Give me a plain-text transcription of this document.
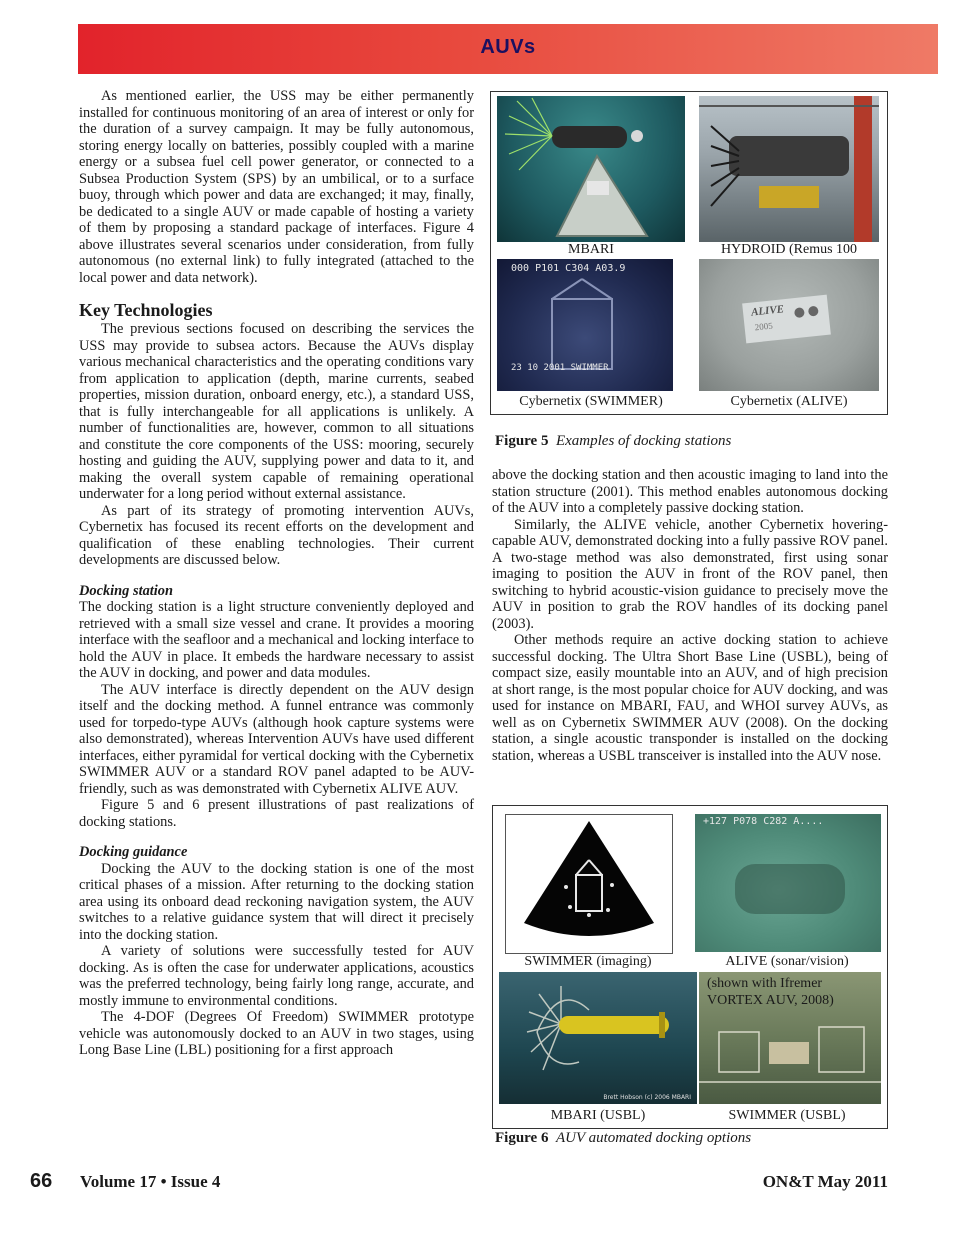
AUVs

As mentioned earlier, the USS may be either permanently installed for continuous monitoring of an area of interest or only for the duration of a survey campaign. It may be fully autonomous, storing energy locally on batteries, possibly coupled with a marine energy or a subsea fuel cell power generator, or connected to a Subsea Production System (SPS) by an umbilical, or to a surface buoy, through which power and data are exchanged; it may, finally, be dedicated to a single AUV or made capable of hosting a variety of them by proposing a standard package of interfaces. Figure 4 above illustrates several scenarios under consideration, from fully autonomous (no external link) to fully integrated (attached to the local power and data network).

Key Technologies

The previous sections focused on describing the services the USS may provide to subsea actors. Because the AUVs display various mechanical characteristics and the operating conditions vary from application to application (depth, marine currents, seabed properties, mission duration, onboard energy, etc.), a standard USS, that is fully interchangeable for all applications is unlikely. A number of functionalities are, however, common to all situations and constitute the core components of the USS: mooring, securely hosting and guiding the AUV, supplying power and data to it, and making the overall system capable of remaining operational underwater for a long period without external assistance.

As part of its strategy of promoting intervention AUVs, Cybernetix has focused its recent efforts on the development and qualification of these enabling technologies. Their current developments are discussed below.

Docking station

The docking station is a light structure conveniently deployed and retrieved with a small size vessel and crane. It provides a mooring interface with the seafloor and a mechanical and locking interface to hold the AUV in place. It embeds the hardware necessary to assist the AUV in docking, and power and data modules.

The AUV interface is directly dependent on the AUV design itself and the docking method. A funnel entrance was commonly used for torpedo-type AUVs (although hook capture systems were also demonstrated), whereas Intervention AUVs have used different interfaces, either pyramidal for vertical docking with the Cybernetix SWIMMER AUV or a standard ROV panel adapted to be AUV-friendly, such as was demonstrated with Cybernetix ALIVE AUV.

Figure 5 and 6 present illustrations of past realizations of docking stations.

Docking guidance

Docking the AUV to the docking station is one of the most critical phases of a mission. After returning to the docking station area using its onboard dead reckoning navigation system, the AUV switches to a relative guidance system that will direct it precisely into the docking station.

A variety of solutions were successfully tested for AUV docking. As is often the case for underwater applications, acoustics was the preferred technology, being fairly long range, accurate, and mostly immune to environmental conditions.

The 4-DOF (Degrees Of Freedom) SWIMMER prototype vehicle was autonomously docked to an AUV in two stages, using Long Base Line (LBL) positioning for a first approach

MBARI	HYDROID (Remus 100
000 P101 C304 A03.9
23 10 2001 SWIMMER
ALIVE
2005
Cybernetix (SWIMMER)	Cybernetix (ALIVE)
Figure 5 Examples of docking stations

above the docking station and then acoustic imaging to land into the station structure (2001). This method enables autonomous docking of the AUV into a completely passive docking station.

Similarly, the ALIVE vehicle, another Cybernetix hovering-capable AUV, demonstrated docking into a fully passive ROV panel. A two-stage method was also demonstrated, first using sonar imaging to position the AUV in front of the ROV panel, then switching to hybrid acoustic-vision guidance to precisely move the AUV in position to grab the ROV handles of its docking panel (2003).

Other methods require an active docking station to achieve successful docking. The Ultra Short Base Line (USBL), being of compact size, easily mountable into an AUV, and of high precision at short range, is the most popular choice for AUV docking, and was used for instance on MBARI, FAU, and WHOI survey AUVs, as well as on Cybernetix SWIMMER AUV (2008). On the docking station, a single acoustic transponder is installed on the docking station, whereas a USBL transceiver is installed into the AUV nose.

+127 P078 C282 A....
SWIMMER (imaging)	ALIVE (sonar/vision)
Brett Hobson (c) 2006 MBARI
(shown with Ifremer
VORTEX AUV, 2008)
MBARI (USBL)	SWIMMER (USBL)
Figure 6 AUV automated docking options
66 Volume 17 • Issue 4	ON&T May 2011
